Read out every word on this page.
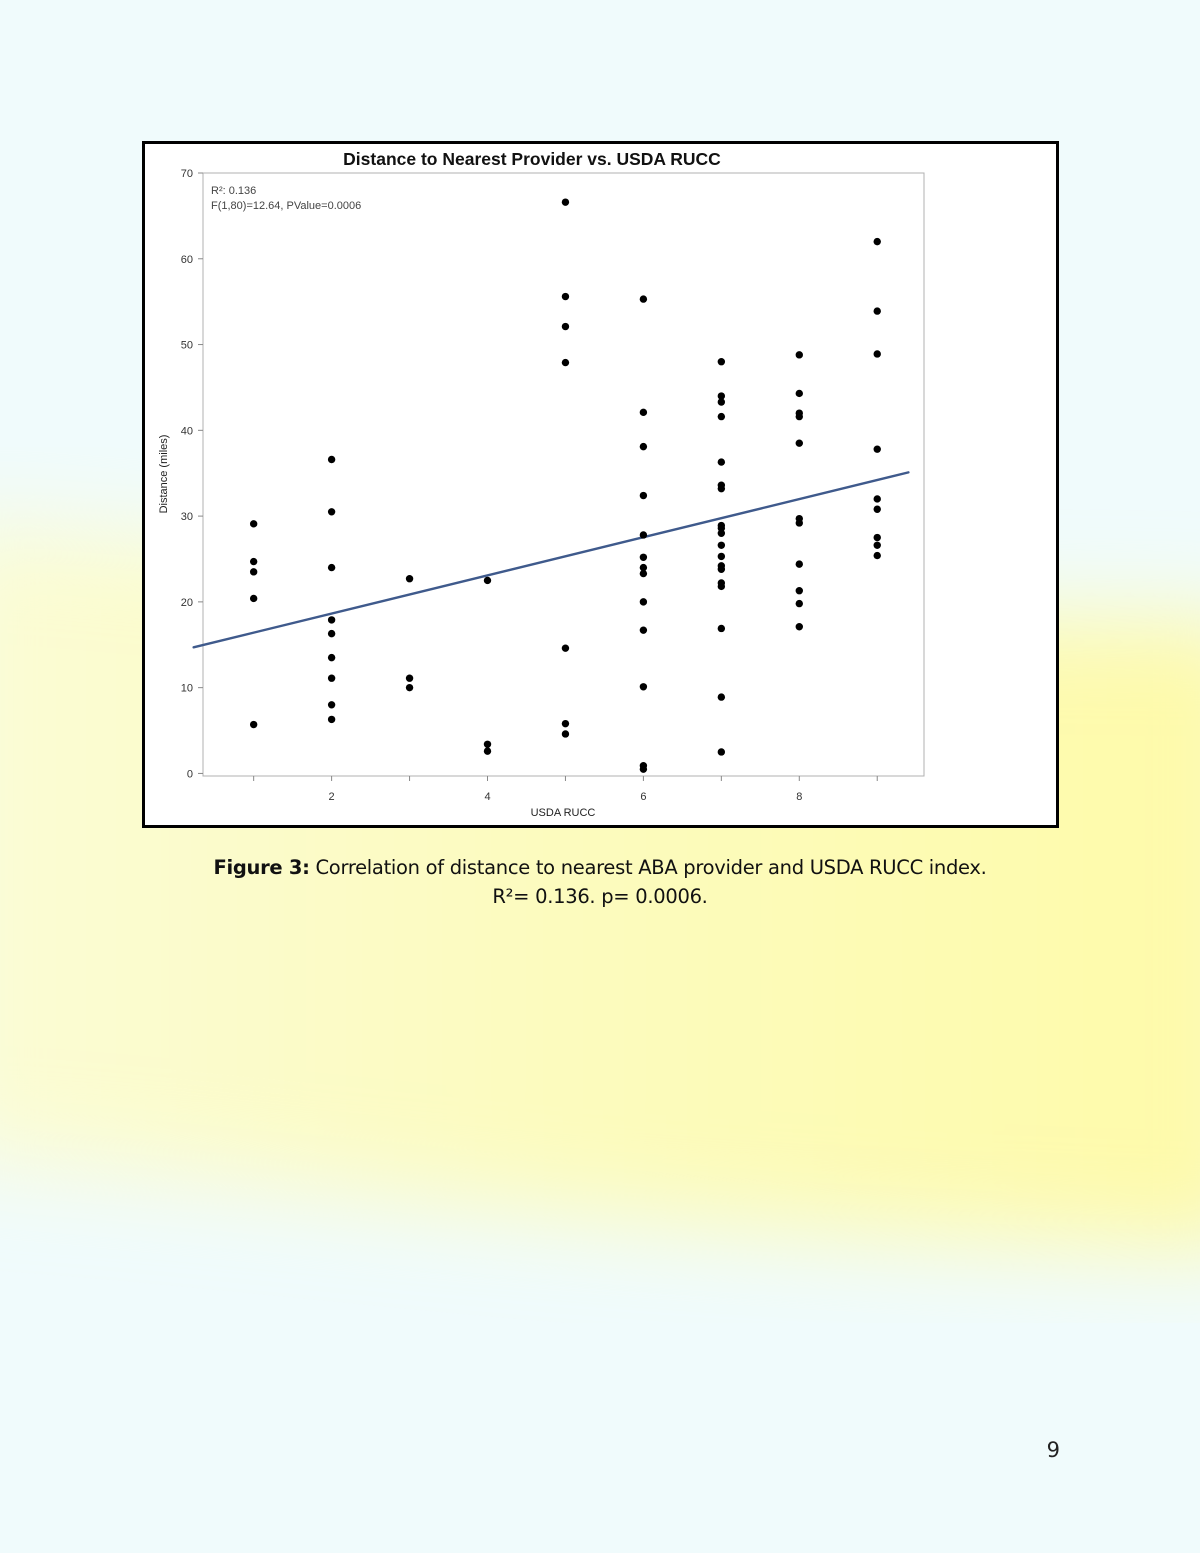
Distance to Nearest Provider vs. USDA RUCC
R²: 0.136
F(1,80)=12.64, PValue=0.0006
Distance (miles)
USDA RUCC
0
10
20
30
40
50
60
70
2	4	6	8
Figure 3: Correlation of distance to nearest ABA provider and USDA RUCC index.
R²= 0.136. p= 0.0006.
9
